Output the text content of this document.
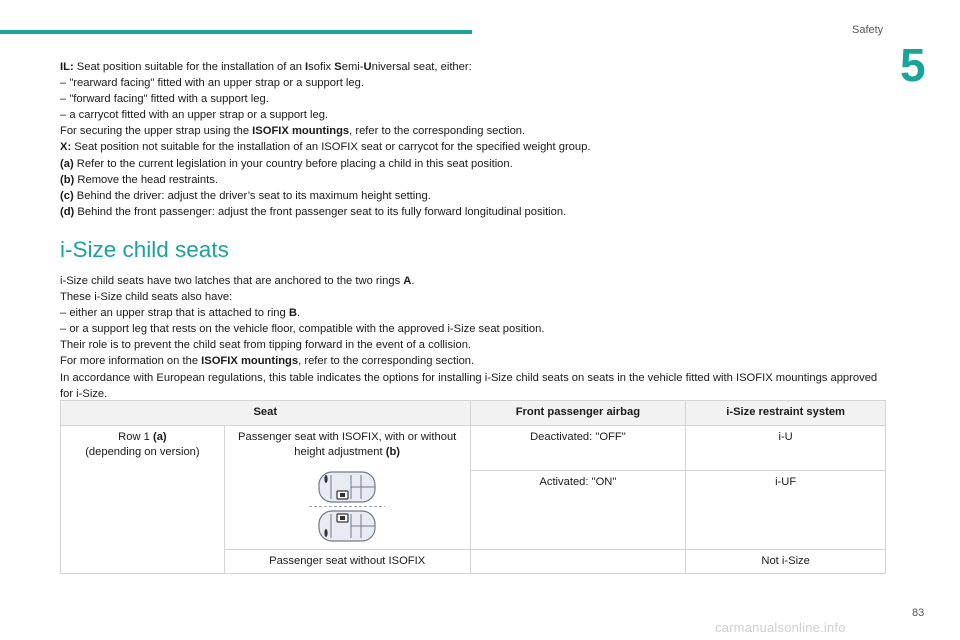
Safety
5

IL: Seat position suitable for the installation of an Isofix Semi-Universal seat, either:

– "rearward facing" fitted with an upper strap or a support leg.

– "forward facing" fitted with a support leg.

– a carrycot fitted with an upper strap or a support leg.

For securing the upper strap using the ISOFIX mountings, refer to the corresponding section.

X: Seat position not suitable for the installation of an ISOFIX seat or carrycot for the specified weight group.

(a) Refer to the current legislation in your country before placing a child in this seat position.

(b) Remove the head restraints.

(c) Behind the driver: adjust the driver’s seat to its maximum height setting.

(d) Behind the front passenger: adjust the front passenger seat to its fully forward longitudinal position.

i-Size child seats

i-Size child seats have two latches that are anchored to the two rings A.

These i-Size child seats also have:

– either an upper strap that is attached to ring B.

– or a support leg that rests on the vehicle floor, compatible with the approved i-Size seat position.

Their role is to prevent the child seat from tipping forward in the event of a collision.

For more information on the ISOFIX mountings, refer to the corresponding section.

In accordance with European regulations, this table indicates the options for installing i-Size child seats on seats in the vehicle fitted with ISOFIX mountings approved for i-Size.

Seat		Front passenger airbag	i-Size restraint system
Row 1 (a)
(depending on version)	Passenger seat with ISOFIX, with or without height adjustment (b)	Deactivated: "OFF"	i-U
		Activated: "ON"	i-UF
	Passenger seat without ISOFIX		Not i-Size
83
carmanualsonline.info
